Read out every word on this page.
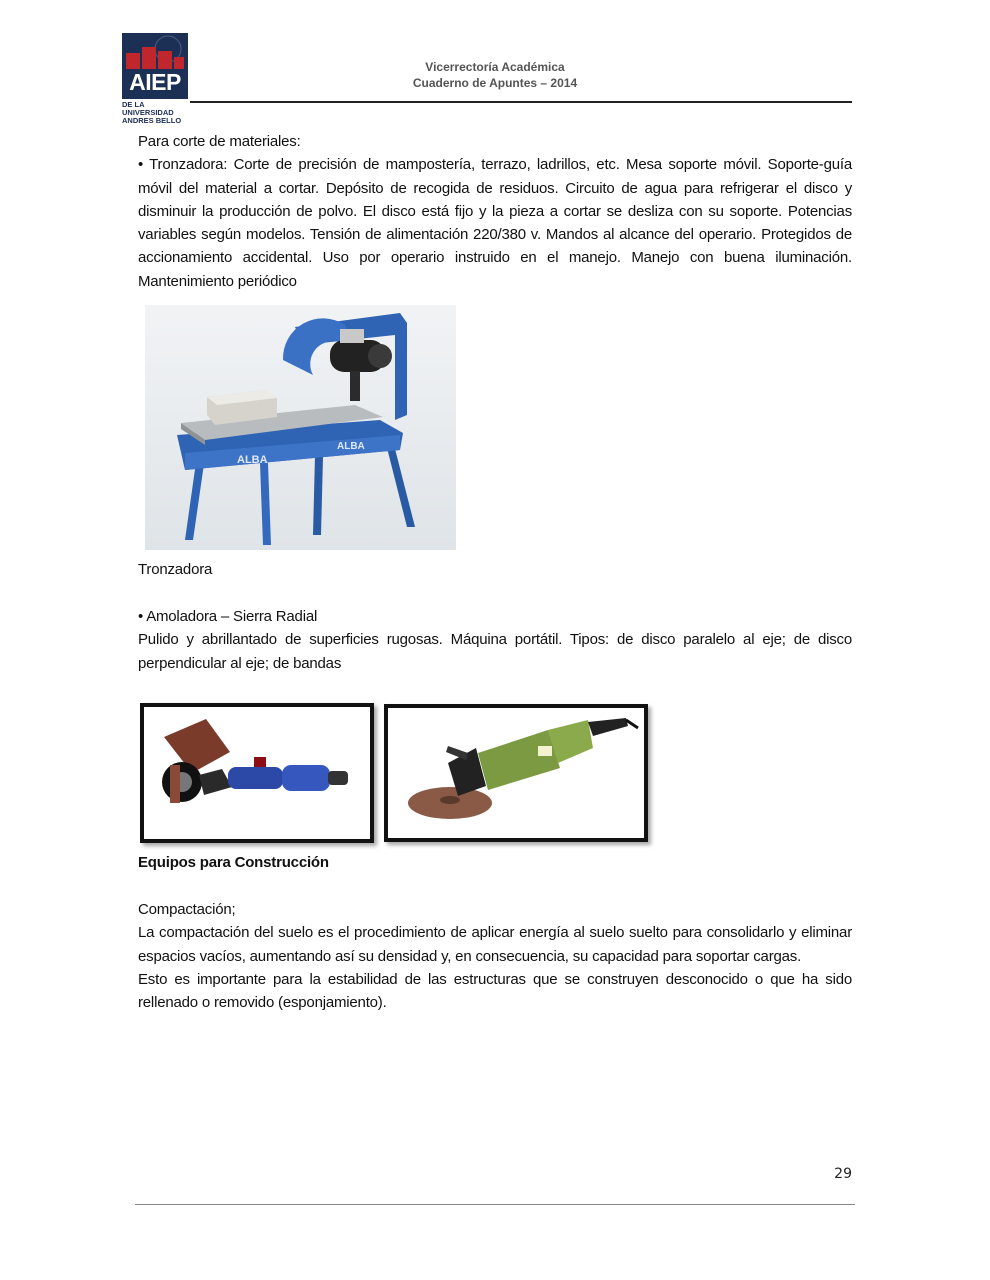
AIEP
DE LA UNIVERSIDAD
ANDRES BELLO
Vicerrectoría Académica
Cuaderno de Apuntes – 2014

Para corte de materiales:

• Tronzadora: Corte de precisión de mampostería, terrazo, ladrillos, etc. Mesa soporte móvil. Soporte-guía móvil del material a cortar. Depósito de recogida de residuos. Circuito de agua para refrigerar el disco y disminuir la producción de polvo. El disco está fijo y la pieza a cortar se desliza con su soporte. Potencias variables según modelos. Tensión de alimentación 220/380 v. Mandos al alcance del operario. Protegidos de accionamiento accidental. Uso por operario instruido en el manejo. Manejo con buena iluminación. Mantenimiento periódico

ALBA
ALBA
Tronzadora

• Amoladora – Sierra Radial

Pulido y abrillantado de superficies rugosas. Máquina portátil. Tipos: de disco paralelo al eje; de disco perpendicular al eje; de bandas

Equipos para Construcción

Compactación;

La compactación del suelo es el procedimiento de aplicar energía al suelo suelto para consolidarlo y eliminar espacios vacíos, aumentando así su densidad y, en consecuencia, su capacidad para soportar cargas.

Esto es importante para la estabilidad de las estructuras que se construyen desconocido o que ha sido rellenado o removido (esponjamiento).

29
